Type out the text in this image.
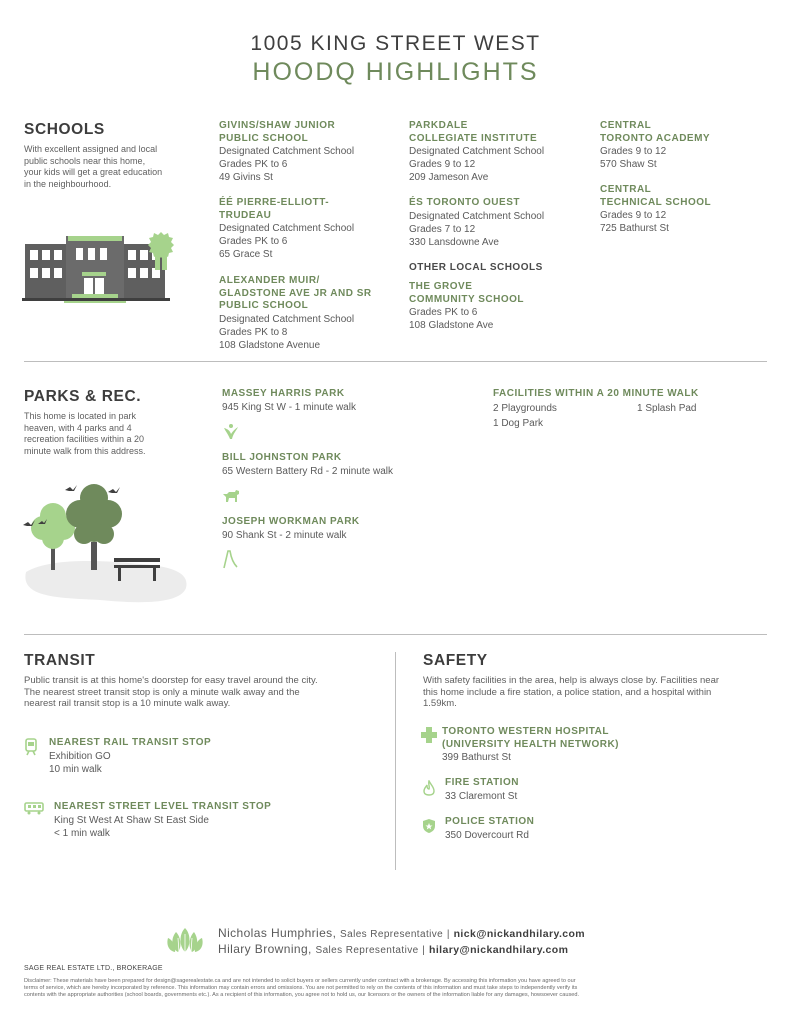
1005 KING STREET WEST
HOODQ HIGHLIGHTS
SCHOOLS
With excellent assigned and local
public schools near this home,
your kids will get a great education
in the neighbourhood.
GIVINS/SHAW JUNIOR
PUBLIC SCHOOL
Designated Catchment School
Grades PK to 6
49 Givins St
ÉÉ PIERRE-ELLIOTT-
TRUDEAU
Designated Catchment School
Grades PK to 6
65 Grace St
ALEXANDER MUIR/
GLADSTONE AVE JR AND SR
PUBLIC SCHOOL
Designated Catchment School
Grades PK to 8
108 Gladstone Avenue
PARKDALE
COLLEGIATE INSTITUTE
Designated Catchment School
Grades 9 to 12
209 Jameson Ave
ÉS TORONTO OUEST
Designated Catchment School
Grades 7 to 12
330 Lansdowne Ave
OTHER LOCAL SCHOOLS
THE GROVE
COMMUNITY SCHOOL
Grades PK to 6
108 Gladstone Ave
CENTRAL
TORONTO ACADEMY
Grades 9 to 12
570 Shaw St
CENTRAL
TECHNICAL SCHOOL
Grades 9 to 12
725 Bathurst St
PARKS & REC.
This home is located in park
heaven, with 4 parks and 4
recreation facilities within a 20
minute walk from this address.
MASSEY HARRIS PARK
945 King St W - 1 minute walk
BILL JOHNSTON PARK
65 Western Battery Rd - 2 minute walk
JOSEPH WORKMAN PARK
90 Shank St - 2 minute walk
FACILITIES WITHIN A 20 MINUTE WALK
2 Playgrounds	1 Splash Pad
1 Dog Park
TRANSIT
Public transit is at this home's doorstep for easy travel around the city.
The nearest street transit stop is only a minute walk away and the
nearest rail transit stop is a 10 minute walk away.
NEAREST RAIL TRANSIT STOP
Exhibition GO
10 min walk
NEAREST STREET LEVEL TRANSIT STOP
King St West At Shaw St East Side
< 1 min walk
SAFETY
With safety facilities in the area, help is always close by. Facilities near
this home include a fire station, a police station, and a hospital within
1.59km.
TORONTO WESTERN HOSPITAL
(UNIVERSITY HEALTH NETWORK)
399 Bathurst St
FIRE STATION
33 Claremont St
POLICE STATION
350 Dovercourt Rd
Nicholas Humphries, Sales Representative | nick@nickandhilary.com
Hilary Browning, Sales Representative | hilary@nickandhilary.com
SAGE REAL ESTATE LTD., BROKERAGE
Disclaimer: These materials have been prepared for design@sagerealestate.ca and are not intended to solicit buyers or sellers currently under contract with a brokerage. By accessing this information you have agreed to our
terms of service, which are hereby incorporated by reference. This information may contain errors and omissions. You are not permitted to rely on the contents of this information and must take steps to independently verify its
contents with the appropriate authorities (school boards, governments etc.). As a recipient of this information, you agree not to hold us, our licensors or the owners of the information liable for any damages, howsoever caused.
